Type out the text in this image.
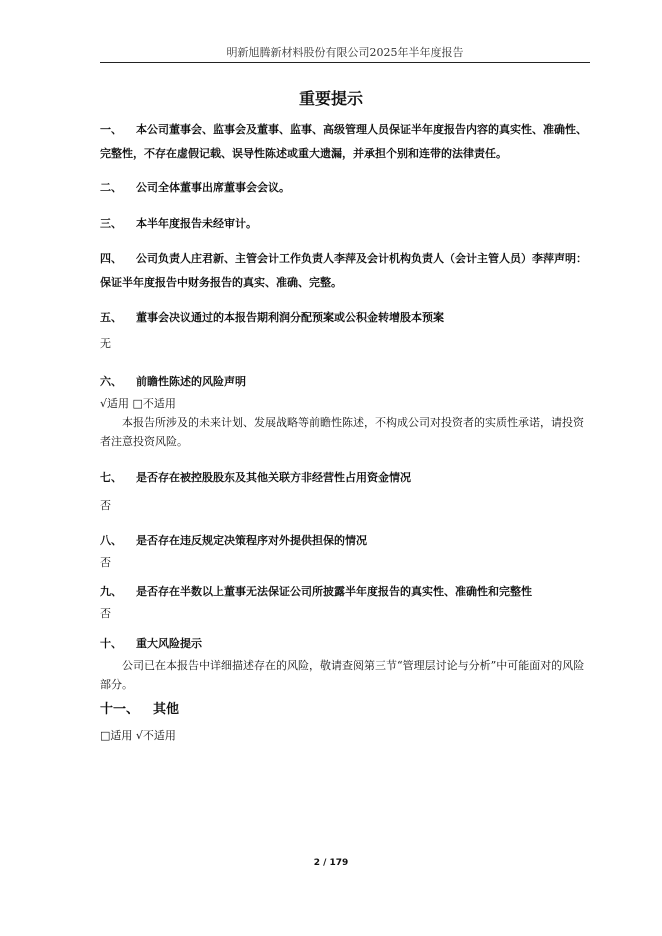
明新旭腾新材料股份有限公司2025年半年度报告
重要提示
一、 本公司董事会、监事会及董事、监事、高级管理人员保证半年度报告内容的真实性、准确性、完整性，不存在虚假记载、误导性陈述或重大遗漏，并承担个别和连带的法律责任。
二、 公司全体董事出席董事会会议。
三、 本半年度报告未经审计。
四、 公司负责人庄君新、主管会计工作负责人李萍及会计机构负责人（会计主管人员）李萍声明：保证半年度报告中财务报告的真实、准确、完整。
五、 董事会决议通过的本报告期利润分配预案或公积金转增股本预案
无
六、 前瞻性陈述的风险声明
√适用 □不适用
本报告所涉及的未来计划、发展战略等前瞻性陈述，不构成公司对投资者的实质性承诺，请投资者注意投资风险。
七、 是否存在被控股股东及其他关联方非经营性占用资金情况
否
八、 是否存在违反规定决策程序对外提供担保的情况
否
九、 是否存在半数以上董事无法保证公司所披露半年度报告的真实性、准确性和完整性
否
十、 重大风险提示
公司已在本报告中详细描述存在的风险，敬请查阅第三节“管理层讨论与分析”中可能面对的风险部分。
十一、 其他
□适用 √不适用
2 / 179
